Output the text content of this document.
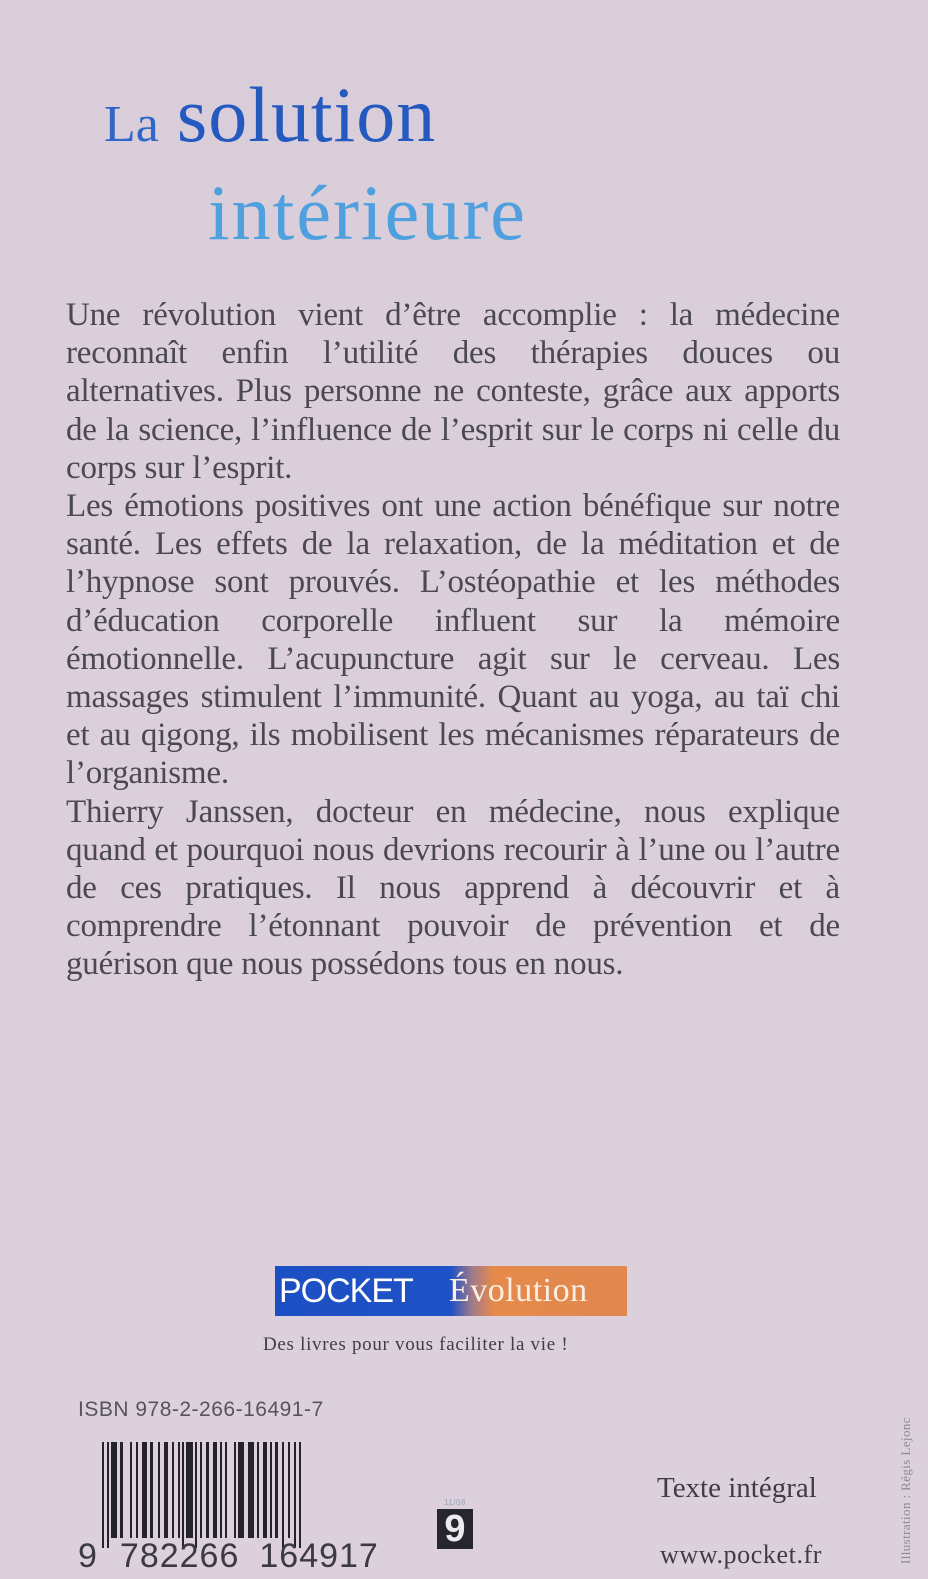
La solution
intérieure

Une révolution vient d’être accomplie : la médecine reconnaît enfin l’utilité des thérapies douces ou alternatives. Plus personne ne conteste, grâce aux apports de la science, l’influence de l’esprit sur le corps ni celle du corps sur l’esprit.

Les émotions positives ont une action bénéfique sur notre santé. Les effets de la relaxation, de la méditation et de l’hypnose sont prouvés. L’ostéopathie et les méthodes d’éducation corporelle influent sur la mémoire émotionnelle. L’acupuncture agit sur le cerveau. Les massages stimulent l’immunité. Quant au yoga, au taï chi et au qigong, ils mobilisent les mécanismes réparateurs de l’organisme.

Thierry Janssen, docteur en médecine, nous explique quand et pourquoi nous devrions recourir à l’une ou l’autre de ces pratiques. Il nous apprend à découvrir et à comprendre l’étonnant pouvoir de prévention et de guérison que nous possédons tous en nous.

POCKET	Évolution
Des livres pour vous faciliter la vie !
ISBN 978-2-266-16491-7
9 782266 164917
11/08
9
Texte intégral
www.pocket.fr	Illustration : Régis Lejonc
